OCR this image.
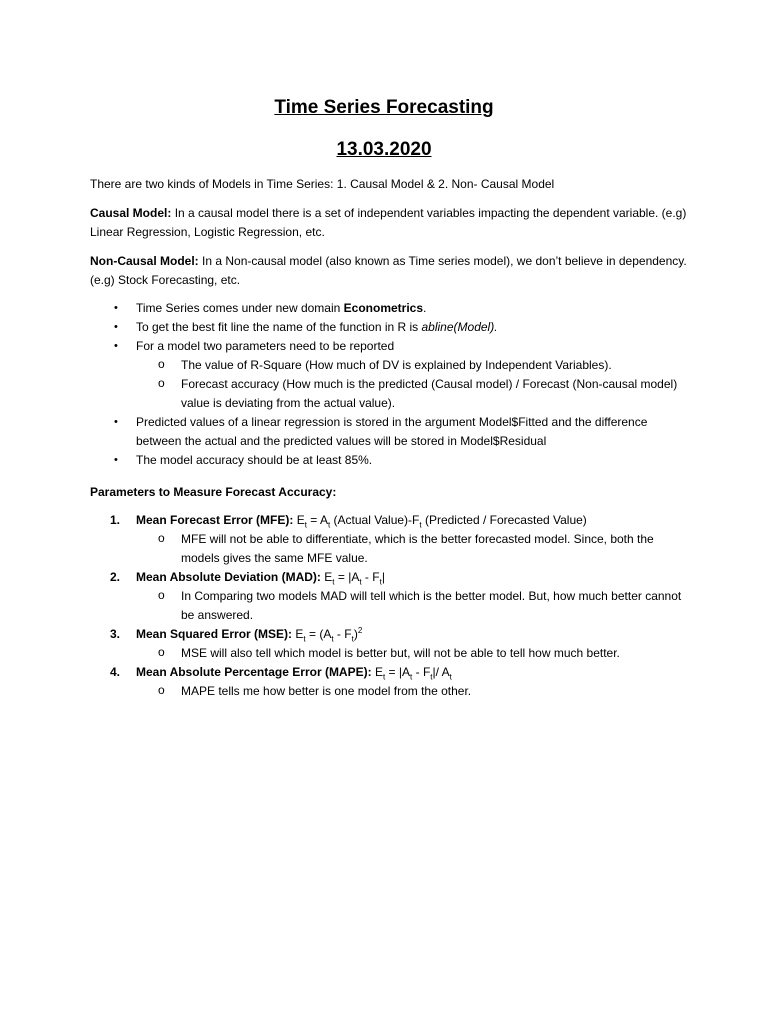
Time Series Forecasting
13.03.2020

There are two kinds of Models in Time Series: 1. Causal Model & 2. Non- Causal Model

Causal Model: In a causal model there is a set of independent variables impacting the dependent variable. (e.g) Linear Regression, Logistic Regression, etc.

Non-Causal Model: In a Non-causal model (also known as Time series model), we don’t believe in dependency. (e.g) Stock Forecasting, etc.

• Time Series comes under new domain Econometrics.
• To get the best fit line the name of the function in R is abline(Model).
• For a model two parameters need to be reported
o The value of R-Square (How much of DV is explained by Independent Variables).
o Forecast accuracy (How much is the predicted (Causal model) / Forecast (Non-causal model) value is deviating from the actual value).
• Predicted values of a linear regression is stored in the argument Model$Fitted and the difference between the actual and the predicted values will be stored in Model$Residual
• The model accuracy should be at least 85%.

Parameters to Measure Forecast Accuracy:

1. Mean Forecast Error (MFE): $E_t = A_t$ (Actual $Value)-F_t$ (Predicted / Forecasted Value)
o MFE will not be able to differentiate, which is the better forecasted model. Since, both the models gives the same MFE value.
2. Mean Absolute Deviation (MAD): $E_t = |A_t - F_t|$
o In Comparing two models MAD will tell which is the better model. But, how much better cannot be answered.
3. Mean Squared Error (MSE): $E_t = (A_t - F_t)^2$
o MSE will also tell which model is better but, will not be able to tell how much better.
4. Mean Absolute Percentage Error (MAPE): $E_t = |A_t - F_t|/$ $A_t$
o MAPE tells me how better is one model from the other.
